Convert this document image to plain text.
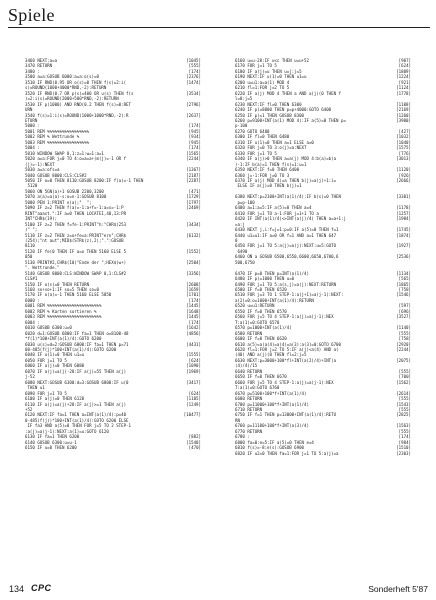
Spiele
3460 NEXT:a=a	[1045]
3470 RETURN	[555]
3480 :	[174]
3500 a=a:GOSUB 6000:a=a:o(s)=0	[2376]
3510 IF RND(0.95 OR o(s)=0 THEN f(s)=2:i(	[1474]
s)=ROUND(1000+4000*RND,-2):RETURN
3520 IF RND(0.7 OR p(s)=400 OR u(s) THEN f(s	[3534]
)=2:i(s)=ROUND(2000+500*RND,-2):RETURN
3530 IF p(1000) AND RND(0.2 THEN f(s)=0:RET	[2796]
URN
3540 f(s)=1:i(s)=ROUND(1000+1000*RND,-2):R	[2637]
ETURN
5000 :	[174]
5001 REM %%%%%%%%%%%%%%%%%	[945]
5002 REM % Wettrunde %	[934]
5003 REM %%%%%%%%%%%%%%%%%	[945]
5004 :	[174]
5010 WINDOW SWAP 0,1:z=1:w=1:a=1	[1565]
5020 a=a:FOR j=0 TO 4:o=a=a+(m(j)=-1 OR f	[2244]
(j)=-1):NEXT
5030 a=a:ofs=a	[1367]
5040 GOSUB 8000:CLS:CLS#2	[2187]
5050 IF o=0 THEN 8110:GOSUB 8200:IF f(a)=-1 THEN	[2287]
5120
5060 ON 5GN(a)+1 GOSUB 2200,3200	[471]
5070 a(a)=a(a)-s:o=n-1:GOSUB 8100	[1729]
5080 PEN 1:PRINT n(a);"  ";	[1797]
5090 IF z=2 THEN f(a)=-1:a+f=-1:a=s=-1:P	[2469]
RINT"aaast.":IF a=0 THEN LOCATE1,40,13:PR
INT"CHR$(19);
5100 IF z=2 THEN f=fe-1:PRINT"h:"CHR$(253	[3434]
)" ";
5110 IF z=2 THEN z=o+fe=a:PRINT"ern";CHR$	[6132]
(254);"nt aut";MID$(STR$(z),2);".":GOSUB
8110
5120 IF fe(0 THEN IF a=o THEN 5160 ELSE 5	[1552]
050
5130 PRINT#2,CHR$(10)"Ende der ";HEX$(w+)	[2504]
". Wettrunde."
5140 GOSUB 8000:CLS:WINDOW SWAP 0,1:CLS#2	[3356]
CLS#1
5150 IF o(s)=0 THEN RETURN	[2608]
5160 so+so+1:IF so=5 THEN so=0	[1659]
5170 IF o(a)=-1 THEN 5160 ELSE 5050	[1701]
6000 :	[174]
6001 REM %%%%%%%%%%%%%%%%%%%%%%	[1445]
6002 REM % Karten sortieren %	[1648]
6003 REM %%%%%%%%%%%%%%%%%%%%%%	[1445]
6004 :	[174]
6010 GOSUB 6300:u=0	[1642]
6020 d=1:GOSUB 6800:IF fa=1 THEN o=8100-48	[4856]
*f(1)*100+INT(a(1)/4):GOTO 6200
6030 u(s)=d=2:GOSUB 6800:IF fa=1 THEN p=71	[4431]
00-485(f(j)*100+INT(a(1)/4):GOTO 6200
6040 IF u(1)=0 THEN u1=u	[1555]
6050 FOR j=1 TO 5	[624]
6060 IF a(j)=0 THEN 6080	[1090]
6070 IF a(j)=a(j)-28:IF a(j)=55 THEN a(j)	[1969]
j-52
6080 NEXT:GOSUB 6300:d=3:GOSUB 6800:IF u(0	[3417]
THEN u1
6090 FOR j=1 TO 5	[624]
6100 IF a(j)=0 THEN 6120	[1105]
6110 IF a(j)=a(j)+28:IF a(j)>=1 THEN a(j)	[1249]
+52
6120 NEXT:IF fa=1 THEN a=INT(a(1)/4):p=40	[10477]
0-485(f(j))*100+INT(a(1)/4):GOTO 6200 ELSE
IF fa3 AND a(5)=0 THEN FOR j=5 TO 2 STEP-1
:a(j)=a(j-1):NEXT:a(1)=u:GOTO 6120
6130 IF fa=1 THEN 6200	[882]
6140 GOSUB 6300:u=u-1	[1540]
6150 IF u=0 THEN 6200	[470]
6160 u=u-28:IF u<c THEN u=u+52	[907]
6170 FOR j=1 TO 5	[624]
6180 IF a(j)=u THEN u=j:j=5	[1809]
6190 NEXT:IF u(1)=0 THEN u1=u	[1224]
6200 u=u1:a=a(1) MOD 4	[921]
6210 fl=1:FOR j=2 TO 5	[1124]
6220 IF a(j) MOD 4 THEN a AND a(j)(0 THEN f	[1778]
l=0:j=5
6230 NEXT:IF fl=0 THEN 6300	[1108]
6240 IF p(=8000 THEN p=p+4000:GOTO 6400	[2169]
6250 IF p(=1 THEN GOSUB 8300	[1260]
6260 p=9100+INT(a(1) MOD 4):IF a(5)=0 THEN p=	[3900]
p-100
6270 GOTO 6480	[427]
6300 IF fl=0 THEN 6480	[1032]
6310 IF u(1)=0 THEN a=1 ELSE a=0	[1040]
6320 FOR j=0 TO 3:o(j)=a:NEXT	[1575]
6330 FOR j=1 TO 5	[776]
6340 IF a(j)>0 THEN a=a(j) MOD 4:b(a)=b(a	[3013]
)-1:IF b(a)=1 THEN f(s)=1:u=1
6350 NEXT:IF f=0 THEN 6400	[1120]
6360 j=-1:FOR j=0 TO 3	[926]
6370 IF a(j) MOD 4)=a THEN b(j)=a(j)+1:i=	[2666]
ELSE IF a(j)=0 THEN b(j)=1
6380 NEXT:p=2100+INT(a(1)/4):IF b(s)=0 THEN	[3301]
p=p-100
6400 a=1:a=5:IF a(5)=0 THEN a=4	[1178]
6410 FOR j=1 TO a-1:FOR j=1+1 TO a	[1257]
6420 IF INT(a(1)/4)<>INT(a(j)/4) THEN a=a+1:j	[1984]
=a:j
6430 NEXT j,i:f=j=1:p=0:IF a(5)=0 THEN f=1	[1745]
6440 u1=u1:IF a=0 OR f=1 AND a=1 THEN 647	[1874]
0
6450 FOR j=1 TO 5:a(j)=a(j):NEXT:u=5:GOTO	[1927]
6490
6460 ON a GOSUB 6500,6550,6600,6650,6700,6	[2536]
500,6750
6470 IF p=0 THEN p=INT(a(1)/4)	[1134]
6480 IF p(=1000 THEN u=0	[565]
6490 FOR j=1 TO 5:a(s,j)=a(j):NEXT:RETURN	[1865]
6500 IF f=0 THEN 6520	[758]
6510 FOR j=3 TO 1 STEP-1:a(j+1)=a(j-1):NEXT:	[1546]
a(2)=0:o=1000+INT(a(1)/4):RETURN
6520 u=u1:RETURN	[597]
6550 IF f=0 THEN 6570	[696]
6560 FOR j=5 TO 4 STEP-1:a(j)=a(j-1):NEX	[3527]
T:a(1)=0:GOTO 6570
6570 p=1000+INT(a(1)/4)	[1140]
6580 RETURN	[555]
6600 IF f=0 THEN 6620	[758]
6610 a(5)=a(a(4)=a(4)=a(3):a(3)=0:GOTO 6700	[2920]
6620 fl=1:FOR j=2 TO 5:IF a(j)<a(4) AND a(	[2244]
(40) AND a(j)(0 THEN fl=2:j=5
6630 NEXT:p=3000+100*fl+INT(a(2)/4)+INT(a	[2075]
(4)/4)/15
6640 RETURN	[555]
6650 IF f=0 THEN 6670	[700]
6660 FOR j=5 TO 4 STEP-1:a(j)=a(j-1):NEX	[1562]
T:a(1)=0:GOTO 6760
6670 p=5100+100*f+INT(a(1)/4)	[2614]
6680 RETURN	[555]
6700 p=11000+100*f+INT(a(1)/4)	[1543]
6710 RETURN	[555]
6750 IF f=1 THEN p=13000+INT(a(1)/4):RETU	[2825]
RN
6760 p=11100+100*f+INT(a(3)/4)	[1563]
6770 RETURN	[555]
6780 :	[174]
6800 fa=0:e=5:IF a(5)=0 THEN e=4	[984]
6810 f(s)=-8:e(s):GOSUB 6900	[1510]
6820 IF u2=0 THEN fa=1:FOR j=1 TO 5:a(j)=a	[2303]
134 CPC	Sonderheft 5'87
